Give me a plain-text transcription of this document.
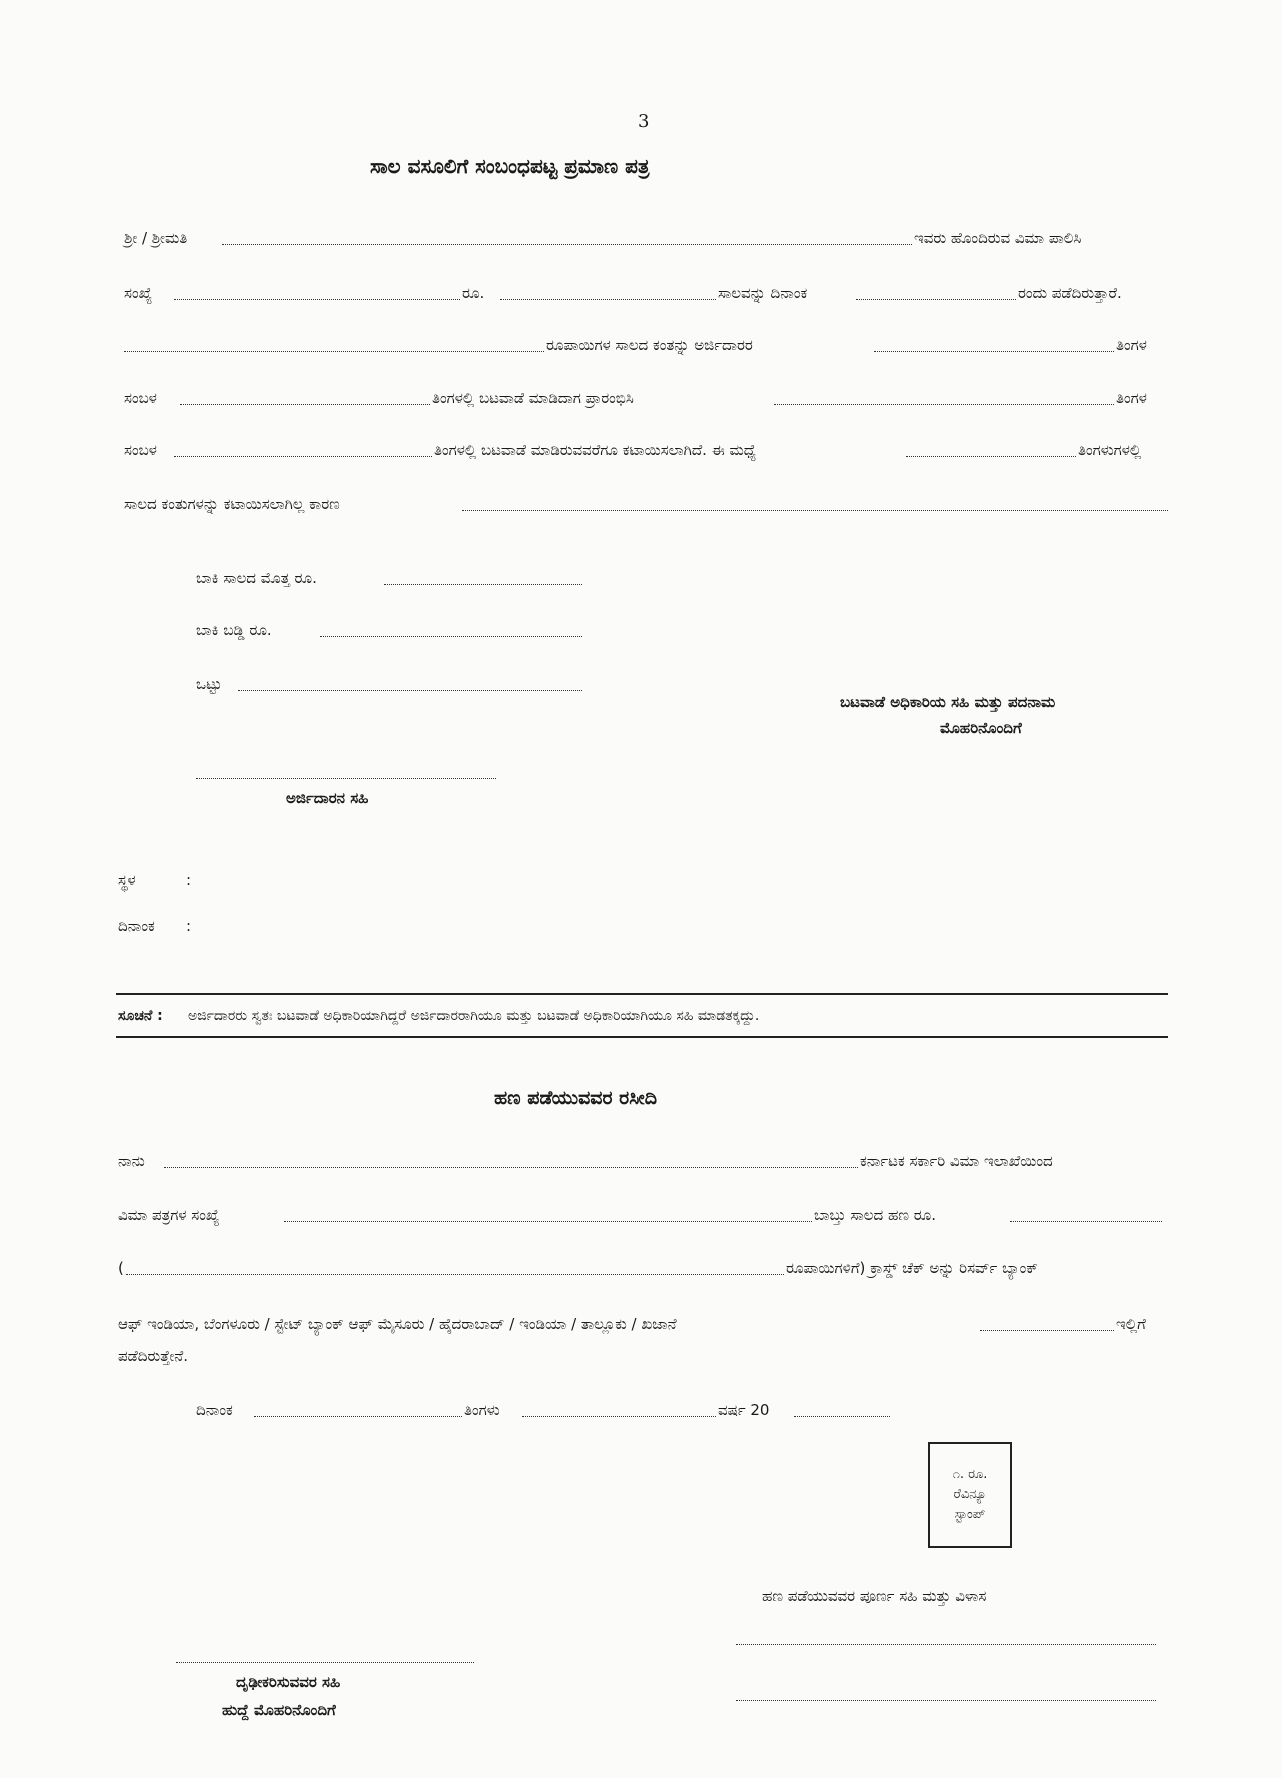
3
ಸಾಲ ವಸೂಲಿಗೆ ಸಂಬಂಧಪಟ್ಟ ಪ್ರಮಾಣ ಪತ್ರ
ಶ್ರೀ / ಶ್ರೀಮತಿ	ಇವರು ಹೊಂದಿರುವ ವಿಮಾ ಪಾಲಿಸಿ
ಸಂಖ್ಯೆ	ರೂ.	ಸಾಲವನ್ನು ದಿನಾಂಕ	ರಂದು ಪಡೆದಿರುತ್ತಾರೆ.
ರೂಪಾಯಿಗಳ ಸಾಲದ ಕಂತನ್ನು ಅರ್ಜಿದಾರರ	ತಿಂಗಳ
ಸಂಬಳ	ತಿಂಗಳಲ್ಲಿ ಬಟವಾಡೆ ಮಾಡಿದಾಗ ಪ್ರಾರಂಭಿಸಿ	ತಿಂಗಳ
ಸಂಬಳ	ತಿಂಗಳಲ್ಲಿ ಬಟವಾಡೆ ಮಾಡಿರುವವರೆಗೂ ಕಟಾಯಿಸಲಾಗಿದೆ. ಈ ಮಧ್ಯೆ	ತಿಂಗಳುಗಳಲ್ಲಿ
ಸಾಲದ ಕಂತುಗಳನ್ನು ಕಟಾಯಿಸಲಾಗಿಲ್ಲ ಕಾರಣ
ಬಾಕಿ ಸಾಲದ ಮೊತ್ತ ರೂ.
ಬಾಕಿ ಬಡ್ಡಿ ರೂ.
ಒಟ್ಟು
ಬಟವಾಡೆ ಅಧಿಕಾರಿಯ ಸಹಿ ಮತ್ತು ಪದನಾಮ
ಮೊಹರಿನೊಂದಿಗೆ
ಅರ್ಜಿದಾರನ ಸಹಿ
ಸ್ಥಳ	:
ದಿನಾಂಕ :
ಸೂಚನೆ : ಅರ್ಜಿದಾರರು ಸ್ವತಃ ಬಟವಾಡೆ ಅಧಿಕಾರಿಯಾಗಿದ್ದರೆ ಅರ್ಜಿದಾರರಾಗಿಯೂ ಮತ್ತು ಬಟವಾಡೆ ಅಧಿಕಾರಿಯಾಗಿಯೂ ಸಹಿ ಮಾಡತಕ್ಕದ್ದು.
ಹಣ ಪಡೆಯುವವರ ರಸೀದಿ
ನಾನು	ಕರ್ನಾಟಕ ಸರ್ಕಾರಿ ವಿಮಾ ಇಲಾಖೆಯಿಂದ
ವಿಮಾ ಪತ್ರಗಳ ಸಂಖ್ಯೆ	ಬಾಬ್ತು ಸಾಲದ ಹಣ ರೂ.
(	ರೂಪಾಯಿಗಳಿಗೆ) ಕ್ರಾಸ್ಡ್ ಚೆಕ್ ಅನ್ನು ರಿಸರ್ವ್ ಬ್ಯಾಂಕ್
ಆಫ್ ಇಂಡಿಯಾ, ಬೆಂಗಳೂರು / ಸ್ಟೇಟ್ ಬ್ಯಾಂಕ್ ಆಫ್ ಮೈಸೂರು / ಹೈದರಾಬಾದ್ / ಇಂಡಿಯಾ / ತಾಲ್ಲೂಕು / ಖಜಾನೆ	ಇಲ್ಲಿಗೆ
ಪಡೆದಿರುತ್ತೇನೆ.
ದಿನಾಂಕ	ತಿಂಗಳು	ವರ್ಷ 20
೧. ರೂ.
ರೆವಿನ್ಯೂ
ಸ್ಟಾಂಪ್
ಹಣ ಪಡೆಯುವವರ ಪೂರ್ಣ ಸಹಿ ಮತ್ತು ವಿಳಾಸ
ದೃಢೀಕರಿಸುವವರ ಸಹಿ
ಹುದ್ದೆ ಮೊಹರಿನೊಂದಿಗೆ
